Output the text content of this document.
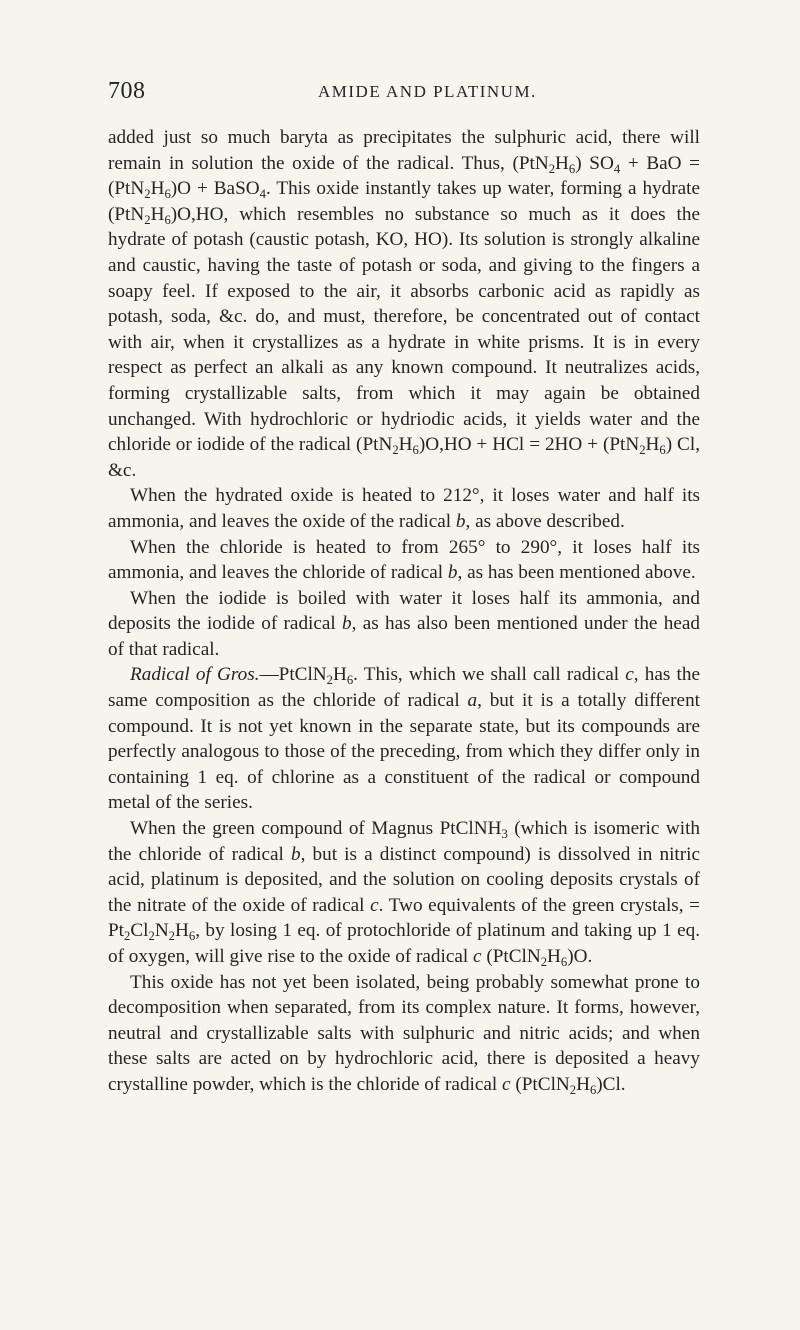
708	AMIDE AND PLATINUM.

added just so much baryta as precipitates the sulphuric acid, there will remain in solution the oxide of the radical. Thus, $(PtN_2H_6) SO_4$ + BaO = $(PtN_2H_6)O$ + BaSO$_4$. This oxide instantly takes up water, forming a hydrate $(PtN_2H_6)O,HO$, which resembles no substance so much as it does the hydrate of potash (caustic potash, KO, HO). Its solution is strongly alkaline and caustic, having the taste of potash or soda, and giving to the fingers a soapy feel. If exposed to the air, it absorbs carbonic acid as rapidly as potash, soda, &c. do, and must, therefore, be concentrated out of contact with air, when it crystallizes as a hydrate in white prisms. It is in every respect as perfect an alkali as any known compound. It neutralizes acids, forming crystallizable salts, from which it may again be obtained unchanged. With hydrochloric or hydriodic acids, it yields water and the chloride or iodide of the radical $(PtN_2H_6)O,HO$ + HCl = $2HO + (PtN_2H_6)$ Cl, &c.

When the hydrated oxide is heated to 212°, it loses water and half its ammonia, and leaves the oxide of the radical b, as above described.

When the chloride is heated to from 265° to 290°, it loses half its ammonia, and leaves the chloride of radical b, as has been mentioned above.

When the iodide is boiled with water it loses half its ammonia, and deposits the iodide of radical b, as has also been mentioned under the head of that radical.

Radical of $Gros.—PtClN_2H_6$. This, which we shall call radical c, has the same composition as the chloride of radical a, but it is a totally different compound. It is not yet known in the separate state, but its compounds are perfectly analogous to those of the preceding, from which they differ only in containing 1 eq. of chlorine as a constituent of the radical or compound metal of the series.

When the green compound of Magnus PtClNH$_3$ (which is isomeric with the chloride of radical b, but is a distinct compound) is dissolved in nitric acid, platinum is deposited, and the solution on cooling deposits crystals of the nitrate of the oxide of radical c. Two equivalents of the green crystals, = $Pt_2Cl_2N_2H_6$, by losing 1 eq. of protochloride of platinum and taking up 1 eq. of oxygen, will give rise to the oxide of radical c $(PtClN_2H_6)O$.

This oxide has not yet been isolated, being probably somewhat prone to decomposition when separated, from its complex nature. It forms, however, neutral and crystallizable salts with sulphuric and nitric acids; and when these salts are acted on by hydrochloric acid, there is deposited a heavy crystalline powder, which is the chloride of radical c $(PtClN_2H_6)Cl$.
